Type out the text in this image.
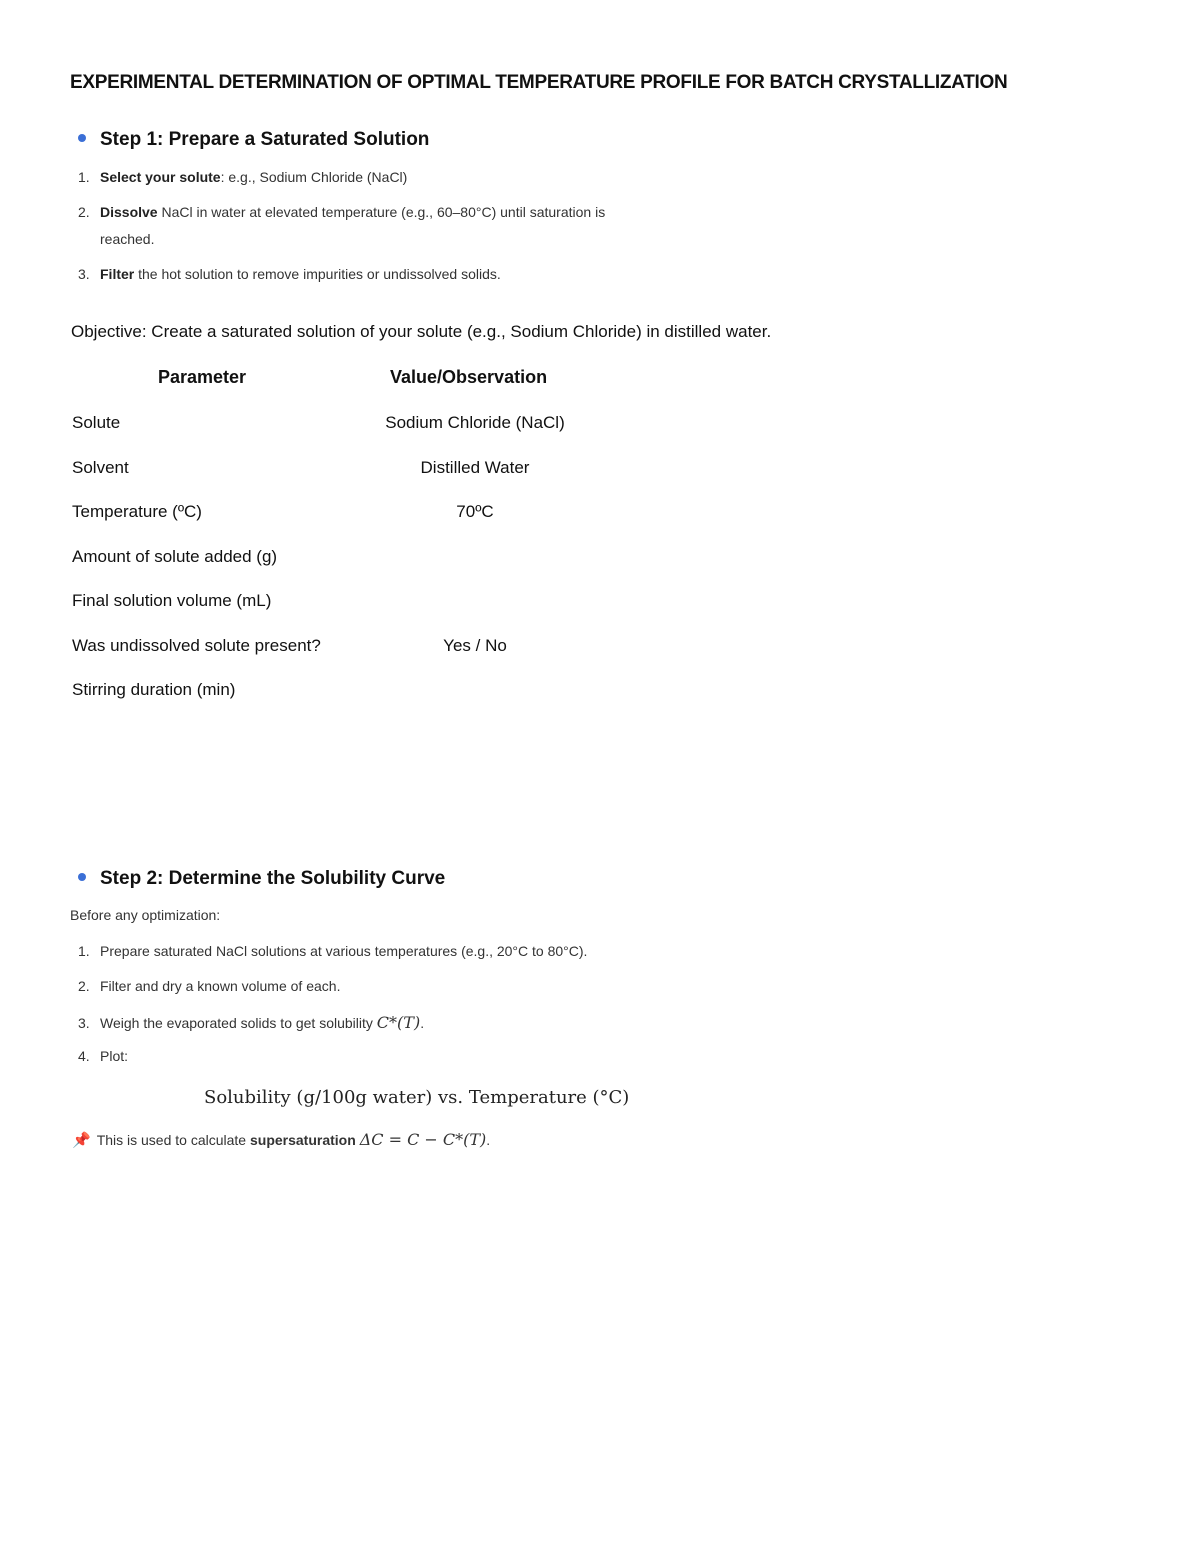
EXPERIMENTAL DETERMINATION OF OPTIMAL TEMPERATURE PROFILE FOR BATCH CRYSTALLIZATION
Step 1: Prepare a Saturated Solution
1. Select your solute: e.g., Sodium Chloride (NaCl)
2. Dissolve NaCl in water at elevated temperature (e.g., 60–80°C) until saturation is
reached.
3. Filter the hot solution to remove impurities or undissolved solids.
Objective: Create a saturated solution of your solute (e.g., Sodium Chloride) in distilled water.
Parameter	Value/Observation
Solute	Sodium Chloride (NaCl)
Solvent	Distilled Water
Temperature (ºC)	70ºC
Amount of solute added (g)
Final solution volume (mL)
Was undissolved solute present?	Yes / No
Stirring duration (min)
Step 2: Determine the Solubility Curve
Before any optimization:
1. Prepare saturated NaCl solutions at various temperatures (e.g., 20°C to 80°C).
2. Filter and dry a known volume of each.
3. Weigh the evaporated solids to get solubility C*(T).
4. Plot:
Solubility (g/100g water) vs. Temperature (°C)
📌 This is used to calculate supersaturation ΔC = C − C*(T).
